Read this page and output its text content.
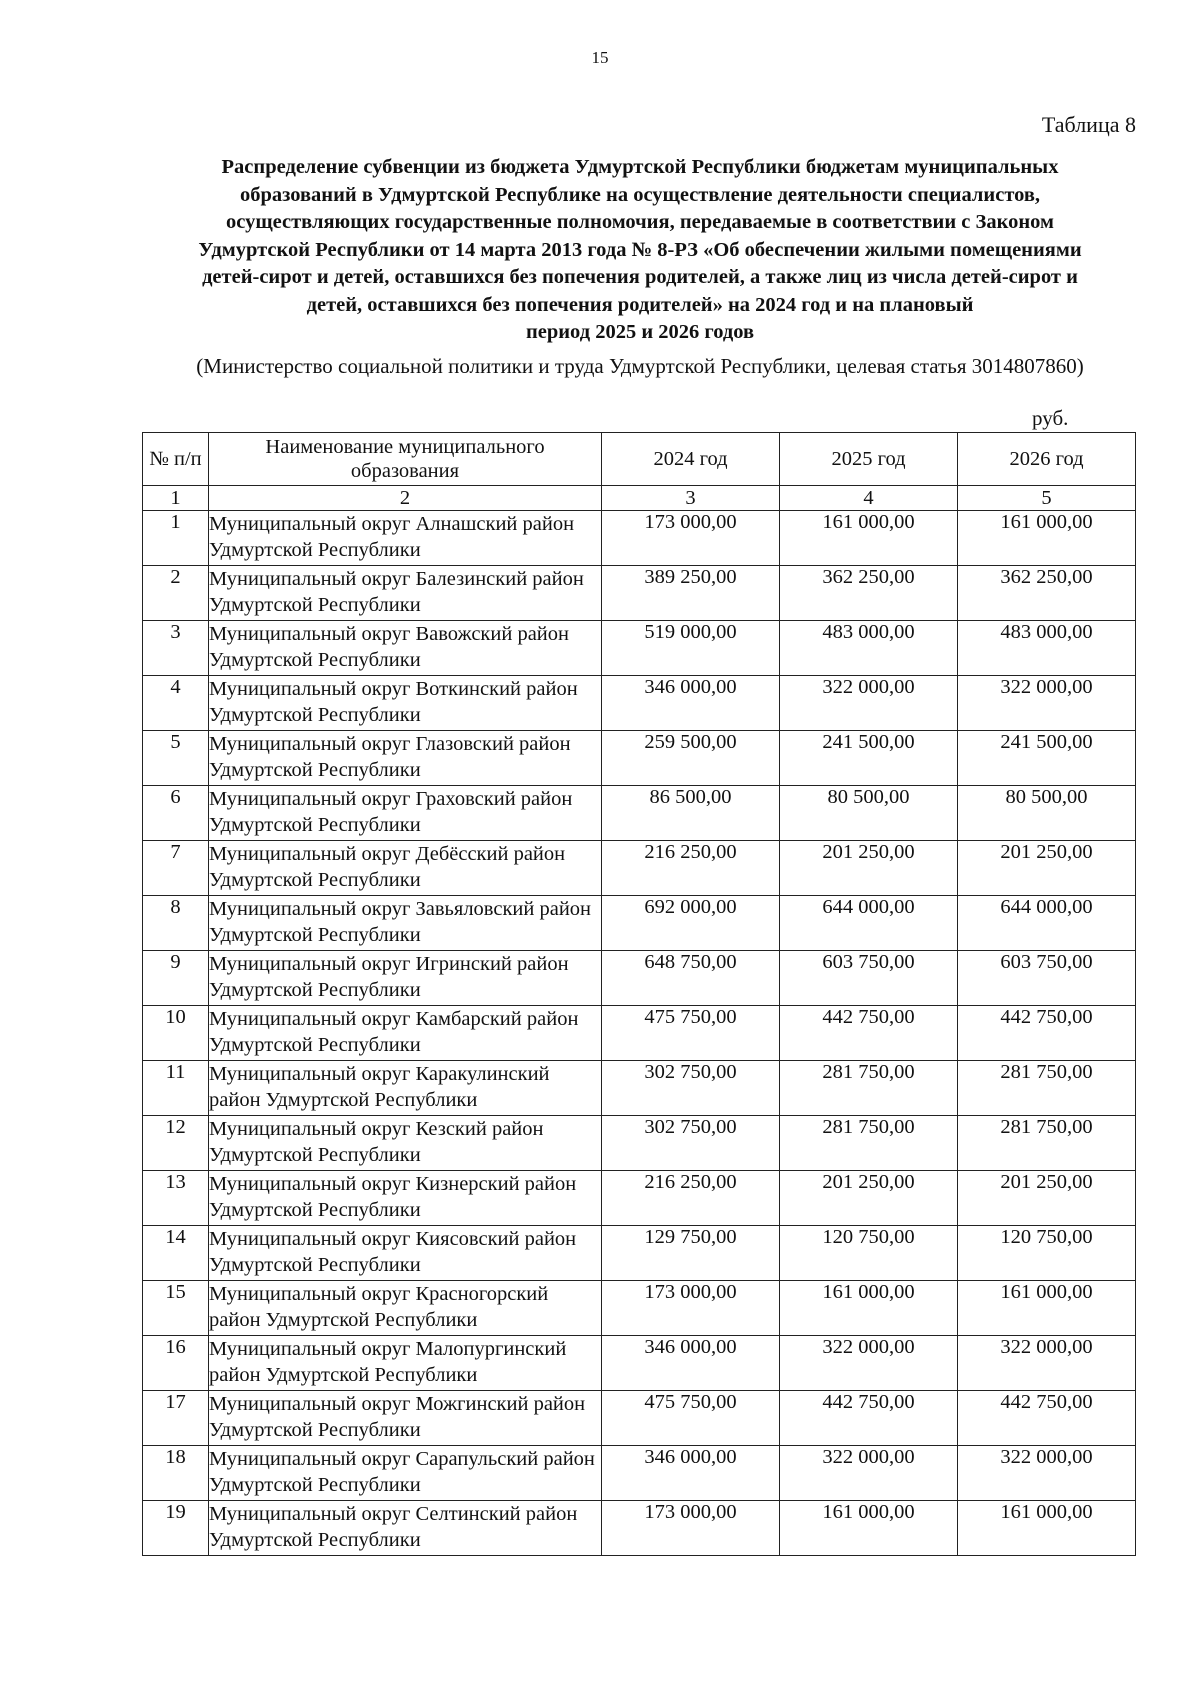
15
Таблица 8
Распределение субвенции из бюджета Удмуртской Республики бюджетам муниципальных
образований в Удмуртской Республике на осуществление деятельности специалистов,
осуществляющих государственные полномочия, передаваемые в соответствии с Законом
Удмуртской Республики от 14 марта 2013 года № 8-РЗ «Об обеспечении жилыми помещениями
детей-сирот и детей, оставшихся без попечения родителей, а также лиц из числа детей-сирот и
детей, оставшихся без попечения родителей» на 2024 год и на плановый
период 2025 и 2026 годов
(Министерство социальной политики и труда Удмуртской Республики, целевая статья 3014807860)
руб.
№ п/п	Наименование муниципального образования	2024 год	2025 год	2026 год
1	2	3	4	5
1	Муниципальный округ Алнашский район Удмуртской Республики	173 000,00	161 000,00	161 000,00
2	Муниципальный округ Балезинский район Удмуртской Республики	389 250,00	362 250,00	362 250,00
3	Муниципальный округ Вавожский район Удмуртской Республики	519 000,00	483 000,00	483 000,00
4	Муниципальный округ Воткинский район Удмуртской Республики	346 000,00	322 000,00	322 000,00
5	Муниципальный округ Глазовский район Удмуртской Республики	259 500,00	241 500,00	241 500,00
6	Муниципальный округ Граховский район Удмуртской Республики	86 500,00	80 500,00	80 500,00
7	Муниципальный округ Дебёсский район Удмуртской Республики	216 250,00	201 250,00	201 250,00
8	Муниципальный округ Завьяловский район Удмуртской Республики	692 000,00	644 000,00	644 000,00
9	Муниципальный округ Игринский район Удмуртской Республики	648 750,00	603 750,00	603 750,00
10	Муниципальный округ Камбарский район Удмуртской Республики	475 750,00	442 750,00	442 750,00
11	Муниципальный округ Каракулинский район Удмуртской Республики	302 750,00	281 750,00	281 750,00
12	Муниципальный округ Кезский район Удмуртской Республики	302 750,00	281 750,00	281 750,00
13	Муниципальный округ Кизнерский район Удмуртской Республики	216 250,00	201 250,00	201 250,00
14	Муниципальный округ Киясовский район Удмуртской Республики	129 750,00	120 750,00	120 750,00
15	Муниципальный округ Красногорский район Удмуртской Республики	173 000,00	161 000,00	161 000,00
16	Муниципальный округ Малопургинский район Удмуртской Республики	346 000,00	322 000,00	322 000,00
17	Муниципальный округ Можгинский район Удмуртской Республики	475 750,00	442 750,00	442 750,00
18	Муниципальный округ Сарапульский район Удмуртской Республики	346 000,00	322 000,00	322 000,00
19	Муниципальный округ Селтинский район Удмуртской Республики	173 000,00	161 000,00	161 000,00
